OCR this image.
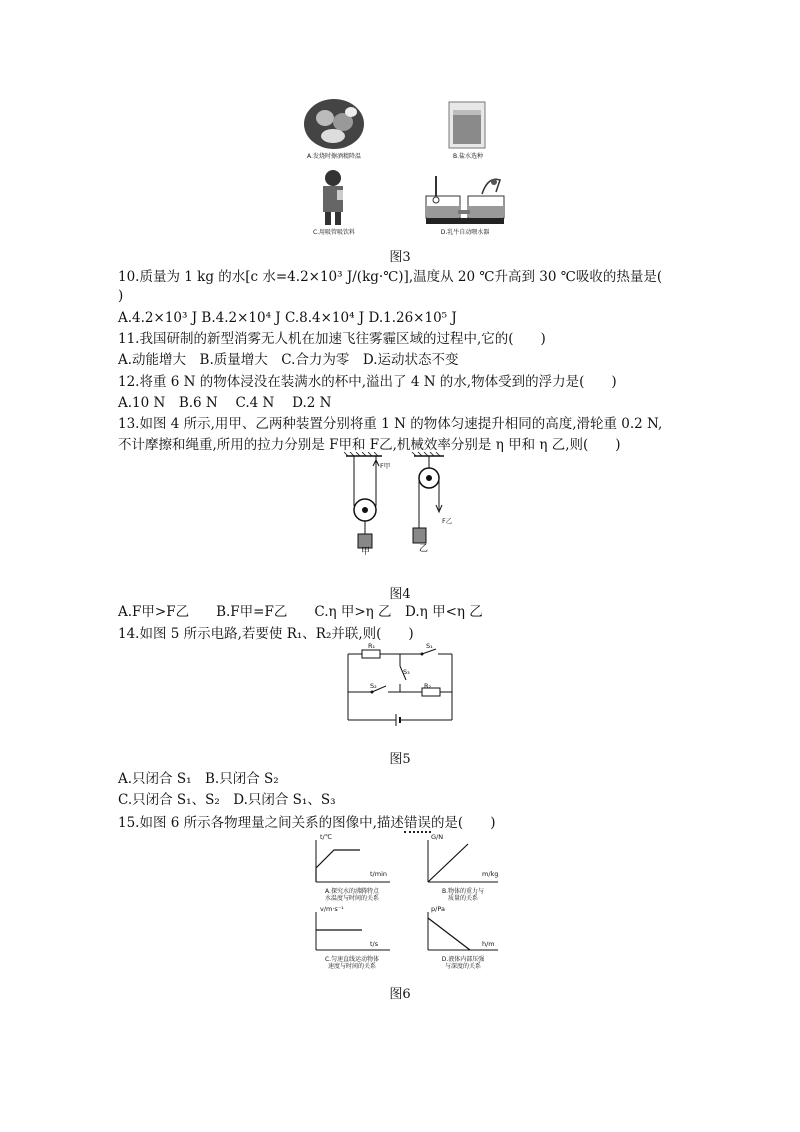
A.发烧时擦酒精降温	B.盐水选种
C.用吸管吸饮料	D.乳牛自动喂水器
图3
10.质量为 1 kg 的水[c 水=4.2×10³ J/(kg·℃)],温度从 20 ℃升高到 30 ℃吸收的热量是(
)
A.4.2×10³ J B.4.2×10⁴ J C.8.4×10⁴ J D.1.26×10⁵ J
11.我国研制的新型消雾无人机在加速飞往雾霾区域的过程中,它的(　　)
A.动能增大　B.质量增大　C.合力为零　D.运动状态不变
12.将重 6 N 的物体浸没在装满水的杯中,溢出了 4 N 的水,物体受到的浮力是(　　)
A.10 N　B.6 N　 C.4 N　 D.2 N
13.如图 4 所示,用甲、乙两种装置分别将重 1 N 的物体匀速提升相同的高度,滑轮重 0.2 N,
不计摩擦和绳重,所用的拉力分别是 F甲和 F乙,机械效率分别是 η 甲和 η 乙,则(　　)
F甲
F乙
甲	乙
图4
A.F甲>F乙　　B.F甲=F乙　　C.η 甲>η 乙　D.η 甲<η 乙
14.如图 5 所示电路,若要使 R₁、R₂并联,则(　　)
R₁	S₁
S₃
S₂	R₂
图5
A.只闭合 S₁　B.只闭合 S₂
C.只闭合 S₁、S₂　D.只闭合 S₁、S₃
15.如图 6 所示各物理量之间关系的图像中,描述错误的是(　　)
t/℃
t/min
A.探究水的沸腾特点
水温度与时间的关系
G/N
m/kg
B.物体的重力与
质量的关系
v/m·s⁻¹
t/s
C.匀速直线运动物体
速度与时间的关系
p/Pa
h/m
D.液体内部压强
与深度的关系
图6
